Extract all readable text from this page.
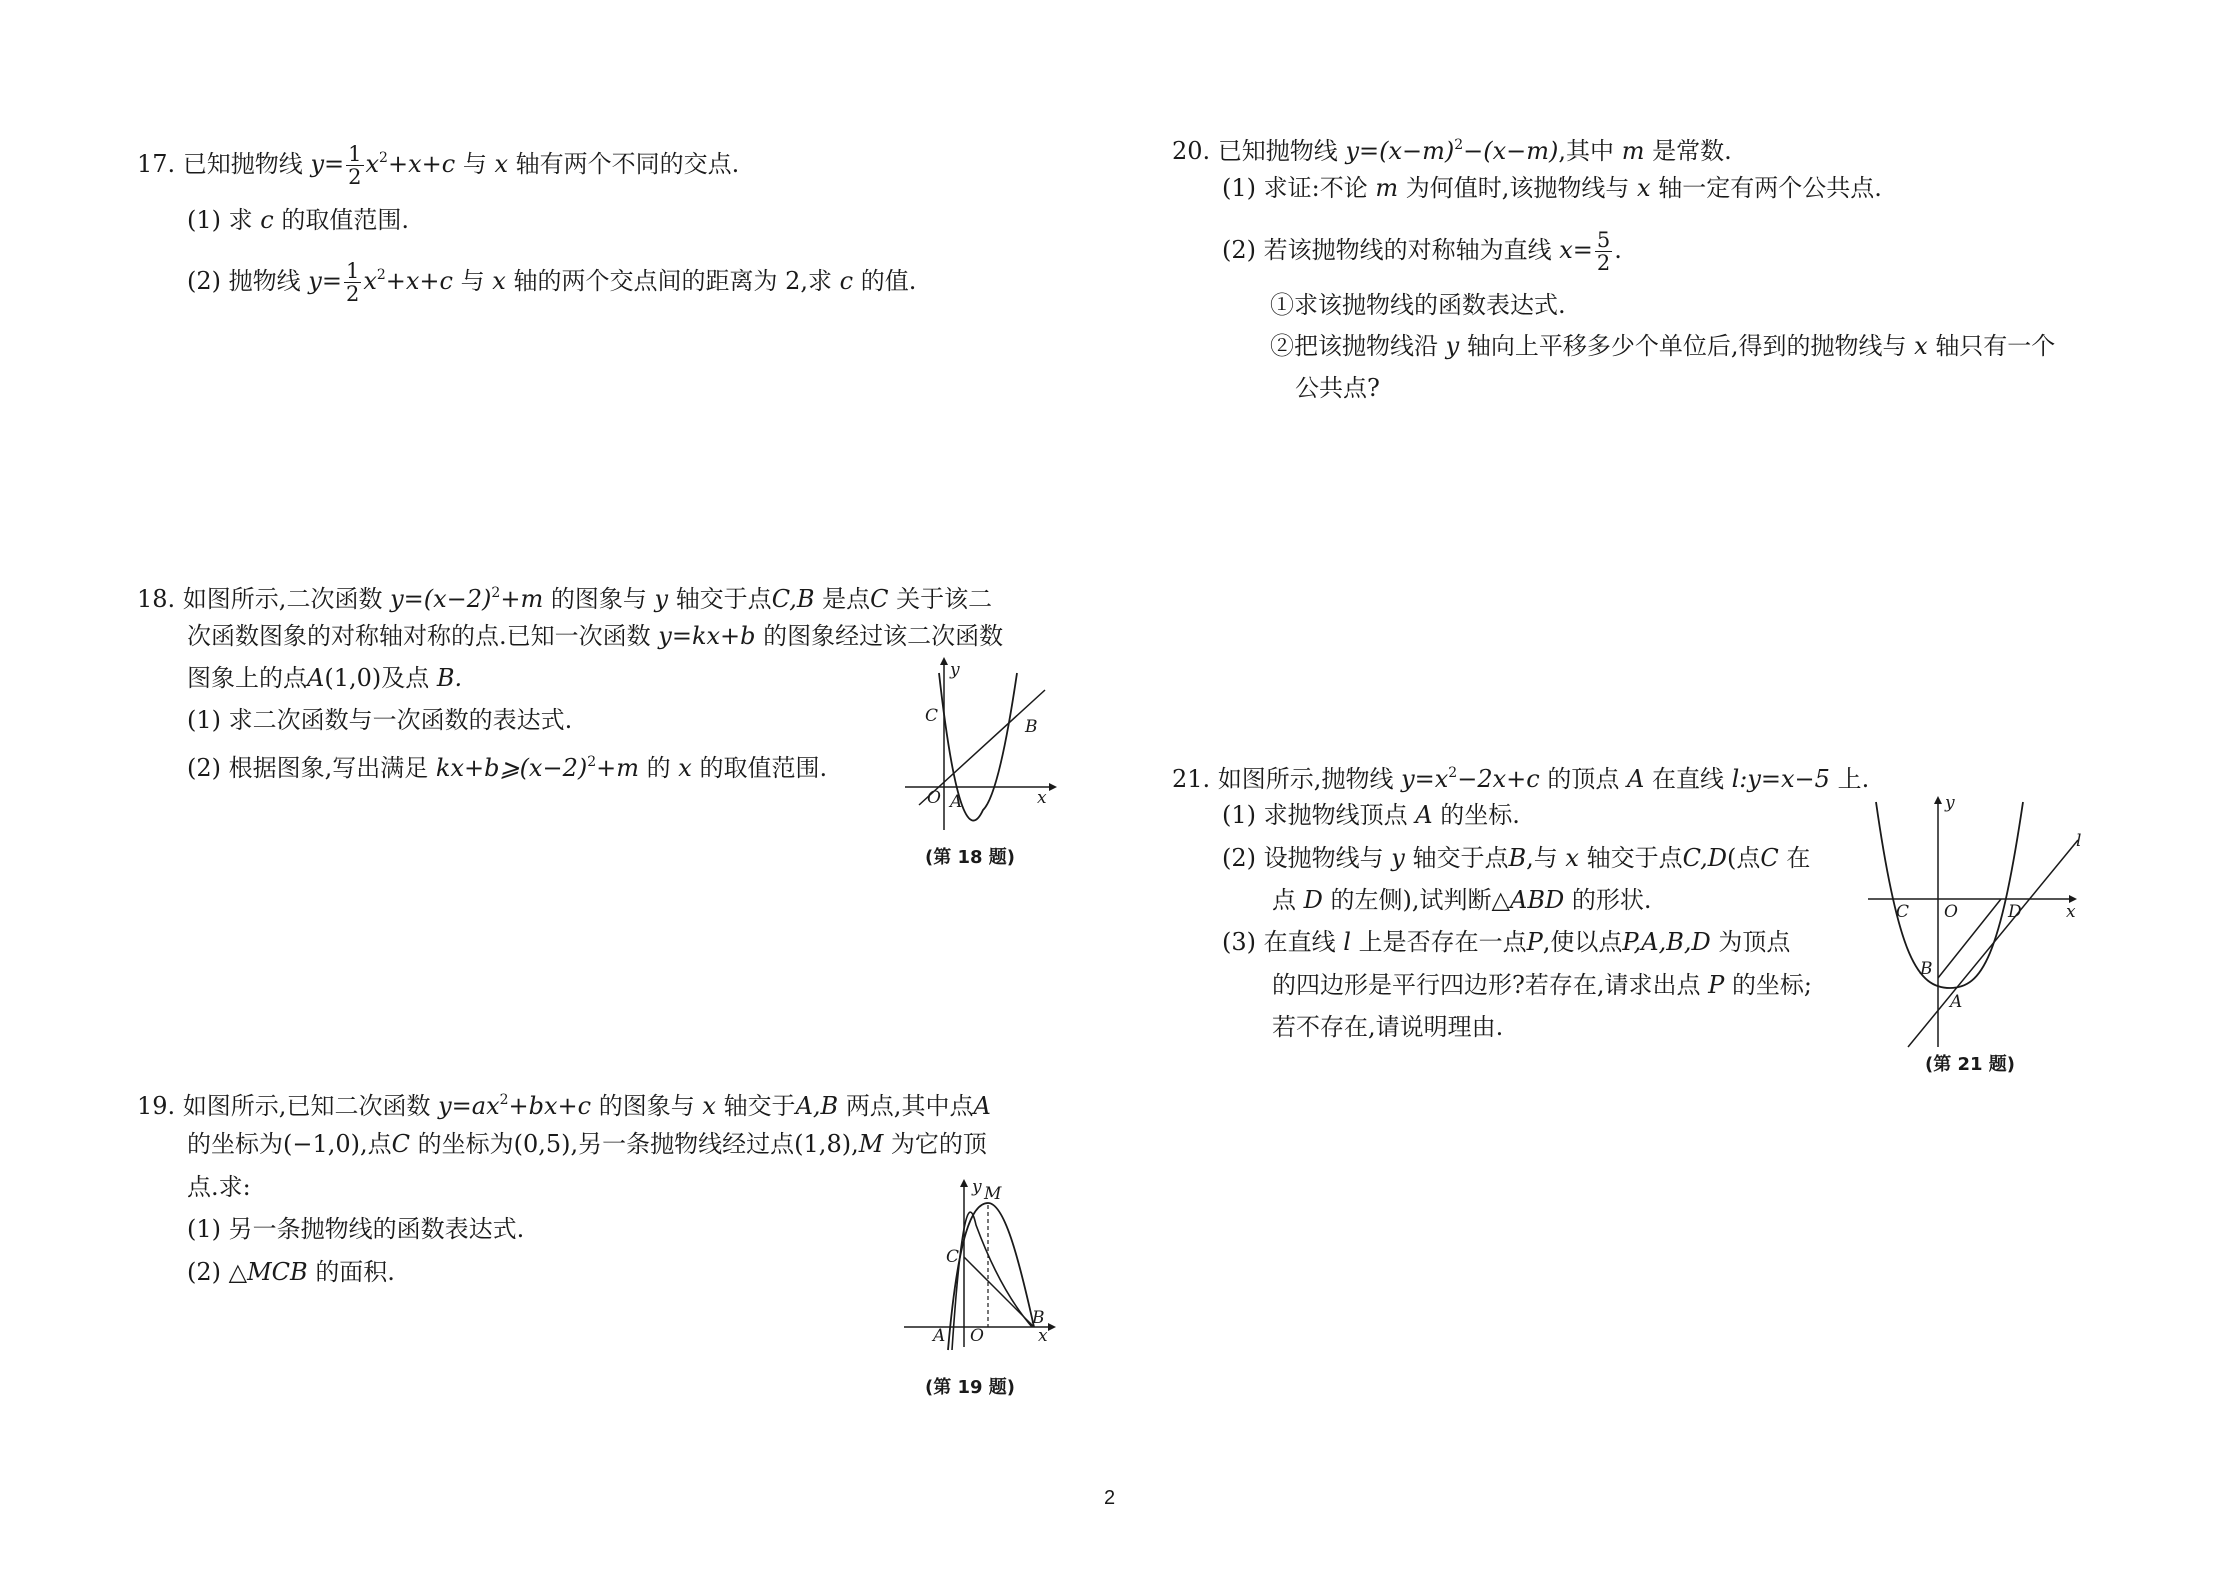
17. 已知抛物线 $y= \frac{1}{2} x^2+x+c$ 与 x 轴有两个不同的交点.
(1) 求 c 的取值范围.
(2) 抛物线 $y= \frac{1}{2} x^2+x+c$ 与 x 轴的两个交点间的距离为 2,求 c 的值.
18. 如图所示,二次函数 $y=(x-2)^2+m$ 的图象与 y 轴交于点C,B 是点C 关于该二
次函数图象的对称轴对称的点.已知一次函数 y=kx+b 的图象经过该二次函数
图象上的点A(1,0)及点 B.
(1) 求二次函数与一次函数的表达式.
(2) 根据图象,写出满足 $kx+b⩾(x-2)^2+m$ 的 x 的取值范围.
y
x
O A
C
B
(第 18 题)
19. 如图所示,已知二次函数 $y=ax^2+bx+c$ 的图象与 x 轴交于A,B 两点,其中点A
的坐标为(−1,0),点C 的坐标为(0,5),另一条抛物线经过点(1,8),M 为它的顶
点.求:
(1) 另一条抛物线的函数表达式.
(2) △MCB 的面积.
y M
C
B
A O	x
(第 19 题)
20. 已知抛物线 $y=(x-m)^2-(x-m)$,其中 m 是常数.
(1) 求证:不论 m 为何值时,该抛物线与 x 轴一定有两个公共点.
(2) 若该抛物线的对称轴为直线 $x= \frac{5}{2}$ .
①求该抛物线的函数表达式.
②把该抛物线沿 y 轴向上平移多少个单位后,得到的抛物线与 x 轴只有一个
公共点?
21. 如图所示,抛物线 $y=x^2-2x+c$ 的顶点 A 在直线 l:y=x−5 上.
(1) 求抛物线顶点 A 的坐标.
(2) 设抛物线与 y 轴交于点B,与 x 轴交于点C,D(点C 在
点 D 的左侧),试判断△ABD 的形状.
(3) 在直线 l 上是否存在一点P,使以点P,A,B,D 为顶点
的四边形是平行四边形?若存在,请求出点 P 的坐标;
若不存在,请说明理由.
y
l
C O	D	x
B
A
(第 21 题)
2
